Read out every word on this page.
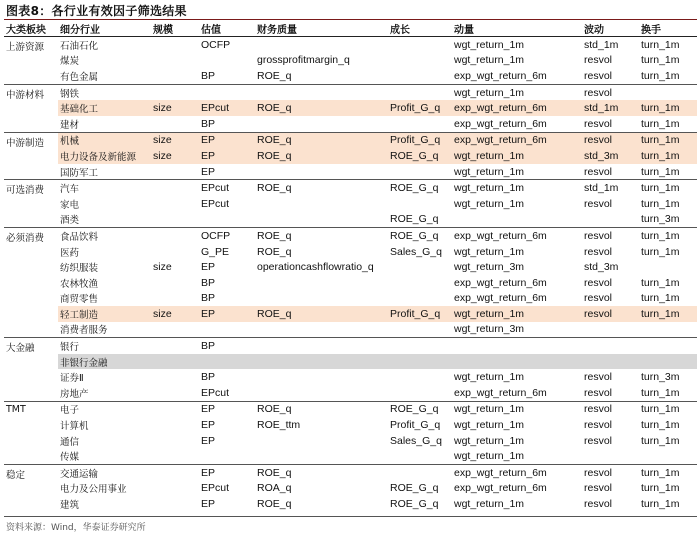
图表8：各行业有效因子筛选结果
大类板块	细分行业	规模	估值	财务质量	成长	动量	波动	换手
上游资源	石油石化		OCFP			wgt_return_1m	std_1m	turn_1m
	煤炭			grossprofitmargin_q		wgt_return_1m	resvol	turn_1m
	有色金属		BP	ROE_q		exp_wgt_return_6m	resvol	turn_1m
中游材料	钢铁					wgt_return_1m	resvol	
	基础化工	size	EPcut	ROE_q	Profit_G_q	exp_wgt_return_6m	std_1m	turn_1m
	建材		BP			exp_wgt_return_6m	resvol	turn_1m
中游制造	机械	size	EP	ROE_q	Profit_G_q	exp_wgt_return_6m	resvol	turn_1m
	电力设备及新能源	size	EP	ROE_q	ROE_G_q	wgt_return_1m	std_3m	turn_1m
	国防军工		EP			wgt_return_1m	resvol	turn_1m
可选消费	汽车		EPcut	ROE_q	ROE_G_q	wgt_return_1m	std_1m	turn_1m
	家电		EPcut			wgt_return_1m	resvol	turn_1m
	酒类				ROE_G_q			turn_3m
必须消费	食品饮料		OCFP	ROE_q	ROE_G_q	exp_wgt_return_6m	resvol	turn_1m
	医药		G_PE	ROE_q	Sales_G_q	wgt_return_1m	resvol	turn_1m
	纺织服装	size	EP	operationcashflowratio_q		wgt_return_3m	std_3m	
	农林牧渔		BP			exp_wgt_return_6m	resvol	turn_1m
	商贸零售		BP			exp_wgt_return_6m	resvol	turn_1m
	轻工制造	size	EP	ROE_q	Profit_G_q	wgt_return_1m	resvol	turn_1m
	消费者服务					wgt_return_3m		
大金融	银行		BP					
	非银行金融							
	证券Ⅱ		BP			wgt_return_1m	resvol	turn_3m
	房地产		EPcut			exp_wgt_return_6m	resvol	turn_1m
TMT	电子		EP	ROE_q	ROE_G_q	wgt_return_1m	resvol	turn_1m
	计算机		EP	ROE_ttm	Profit_G_q	wgt_return_1m	resvol	turn_1m
	通信		EP		Sales_G_q	wgt_return_1m	resvol	turn_1m
	传媒					wgt_return_1m		
稳定	交通运输		EP	ROE_q		exp_wgt_return_6m	resvol	turn_1m
	电力及公用事业		EPcut	ROA_q	ROE_G_q	exp_wgt_return_6m	resvol	turn_1m
	建筑		EP	ROE_q	ROE_G_q	wgt_return_1m	resvol	turn_1m
资料来源：Wind，华泰证券研究所
